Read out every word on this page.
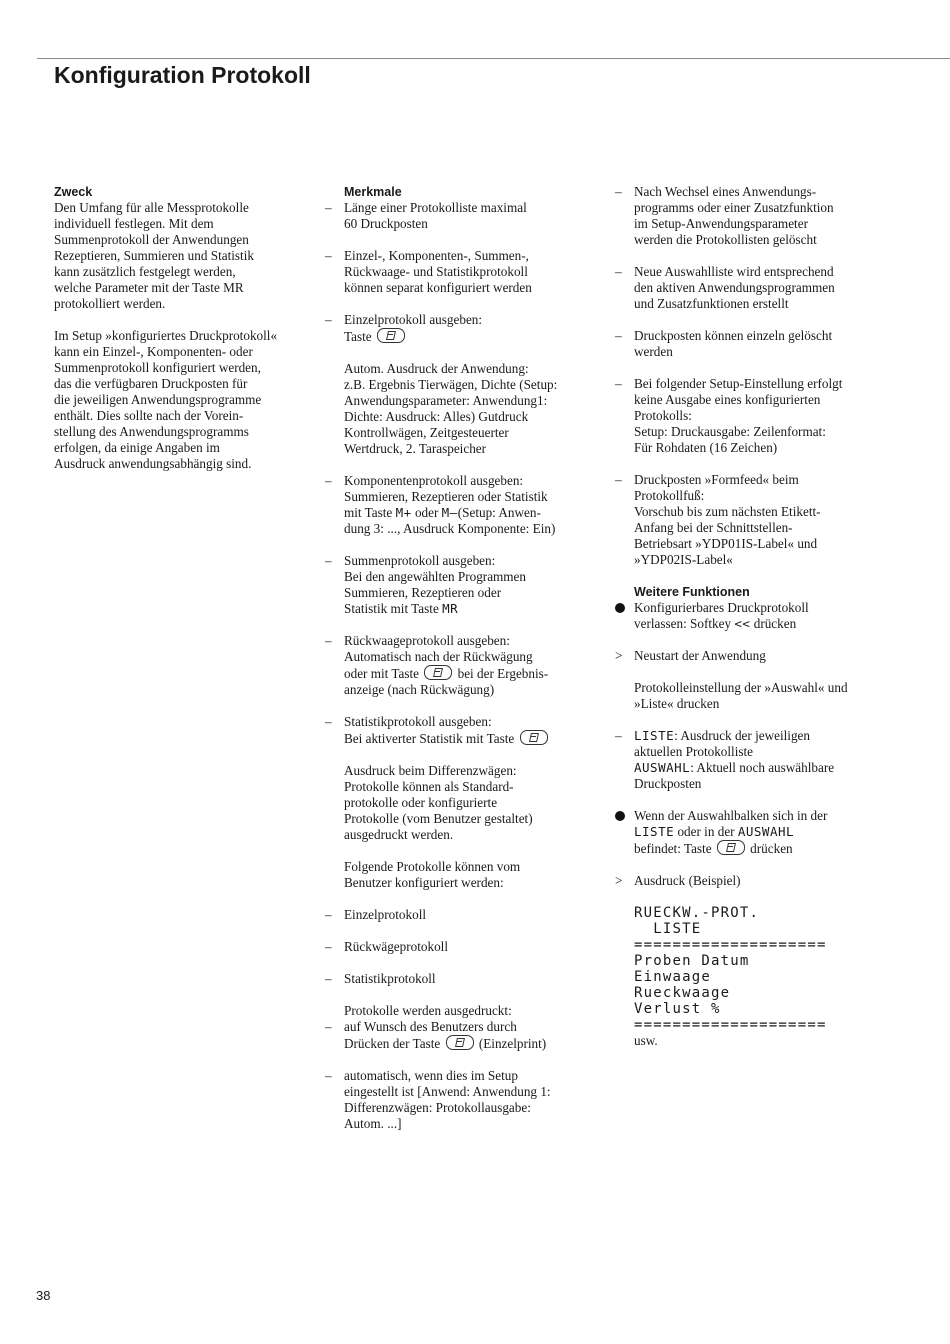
Konfiguration Protokoll
Zweck
Den Umfang für alle Messprotokolle
individuell festlegen. Mit dem
Summenprotokoll der Anwendungen
Rezeptieren, Summieren und Statistik
kann zusätzlich festgelegt werden,
welche Parameter mit der Taste MR
protokolliert werden.
Im Setup »konfiguriertes Druckprotokoll«
kann ein Einzel-, Komponenten- oder
Summenprotokoll konfiguriert werden,
das die verfügbaren Druckposten für
die jeweiligen Anwendungsprogramme
enthält. Dies sollte nach der Vorein-
stellung des Anwendungsprogramms
erfolgen, da einige Angaben im
Ausdruck anwendungsabhängig sind.
Merkmale
– Länge einer Protokolliste maximal
60 Druckposten
– Einzel-, Komponenten-, Summen-,
Rückwaage- und Statistikprotokoll
können separat konfiguriert werden
– Einzelprotokoll ausgeben:
Taste
Autom. Ausdruck der Anwendung:
z.B. Ergebnis Tierwägen, Dichte (Setup:
Anwendungsparameter: Anwendung1:
Dichte: Ausdruck: Alles) Gutdruck
Kontrollwägen, Zeitgesteuerter
Wertdruck, 2. Taraspeicher
– Komponentenprotokoll ausgeben:
Summieren, Rezeptieren oder Statistik
mit Taste M+ oder M–(Setup: Anwen-
dung 3: ..., Ausdruck Komponente: Ein)
– Summenprotokoll ausgeben:
Bei den angewählten Programmen
Summieren, Rezeptieren oder
Statistik mit Taste MR
– Rückwaageprotokoll ausgeben:
Automatisch nach der Rückwägung
oder mit Taste	bei der Ergebnis-
anzeige (nach Rückwägung)
– Statistikprotokoll ausgeben:
Bei aktiverter Statistik mit Taste
Ausdruck beim Differenzwägen:
Protokolle können als Standard-
protokolle oder konfigurierte
Protokolle (vom Benutzer gestaltet)
ausgedruckt werden.
Folgende Protokolle können vom
Benutzer konfiguriert werden:
– Einzelprotokoll
– Rückwägeprotokoll
– Statistikprotokoll
Protokolle werden ausgedruckt:
– auf Wunsch des Benutzers durch
Drücken der Taste	(Einzelprint)
– automatisch, wenn dies im Setup
eingestellt ist [Anwend: Anwendung 1:
Differenzwägen: Protokollausgabe:
Autom. ...]
– Nach Wechsel eines Anwendungs-
programms oder einer Zusatzfunktion
im Setup-Anwendungsparameter
werden die Protokollisten gelöscht
– Neue Auswahlliste wird entsprechend
den aktiven Anwendungsprogrammen
und Zusatzfunktionen erstellt
– Druckposten können einzeln gelöscht
werden
– Bei folgender Setup-Einstellung erfolgt
keine Ausgabe eines konfigurierten
Protokolls:
Setup: Druckausgabe: Zeilenformat:
Für Rohdaten (16 Zeichen)
– Druckposten »Formfeed« beim
Protokollfuß:
Vorschub bis zum nächsten Etikett-
Anfang bei der Schnittstellen-
Betriebsart »YDP01IS-Label« und
»YDP02IS-Label«
Weitere Funktionen
Konfigurierbares Druckprotokoll
verlassen: Softkey << drücken
> Neustart der Anwendung
Protokolleinstellung der »Auswahl« und
»Liste« drucken
– LISTE: Ausdruck der jeweiligen
aktuellen Protokolliste
AUSWAHL: Aktuell noch auswählbare
Druckposten
Wenn der Auswahlbalken sich in der
LISTE oder in der AUSWAHL
befindet: Taste	drücken
> Ausdruck (Beispiel)
RUECKW.-PROT.
LISTE
====================
Proben Datum
Einwaage
Rueckwaage
Verlust %
====================
usw.
38
